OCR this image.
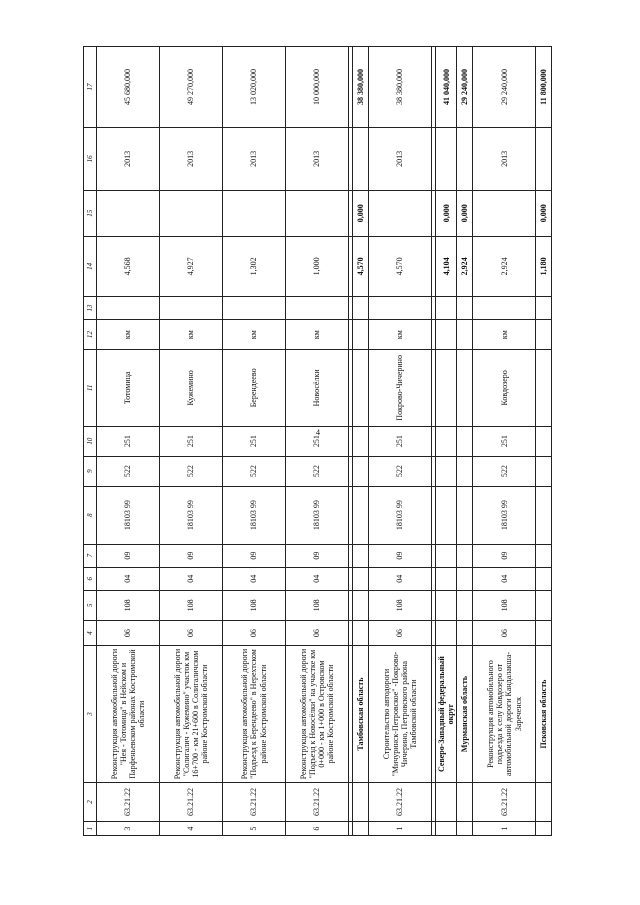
4
1	2	3	4	5	6	7	8	9	10	11	12	13	14	15	16	17
3	63.21.22	Реконструкция автомобильной дороги "Нея - Тотомица" в Нейском и Парфеньевском районах Костромской области	06	108	04	09	18103 99	522	251	Тотомица	км		4,568		2013	45 680,000
4	63.21.22	Реконструкция автомобильной дороги "Солигалич - Кужемино" участок км 16+700 - км 21+600 в Солигаличском районе Костромской области	06	108	04	09	18103 99	522	251	Кужемино	км		4,927		2013	49 270,000
5	63.21.22	Реконструкция автомобильной дороги "Подъезд к Берендеево" в Нерехтском районе Костромской области	06	108	04	09	18103 99	522	251	Берендеево	км		1,302		2013	13 020,000
6	63.21.22	Реконструкция автомобильной дороги "Подъезд к Новосёлки" на участке км 0+000 - км 1+000 в Островском районе Костромской области	06	108	04	09	18103 99	522	251	Новосёлки	км		1,000		2013	10 000,000

		Тамбовская область											4,570	0,000		38 380,000
1	63.21.22	Строительство автодороги "Мичуринск-Петровское" -Покрово-Чичерино, Петровского района Тамбовской области	06	108	04	09	18103 99	522	251	Покрово-Чичерино	км		4,570		2013	38 380,000

		Северо-Западный федеральный округ											4,104	0,000		41 040,000
		Мурманская область											2,924	0,000		29 240,000
1	63.21.22	Реконструкция автомобильного подъезда к селу Ковдозеро от автомобильной дороги Кандалакша-Зареченск	06	108	04	09	18103 99	522	251	Ковдозеро	км		2,924		2013	29 240,000
		Псковская область											1,180	0,000		11 800,000
